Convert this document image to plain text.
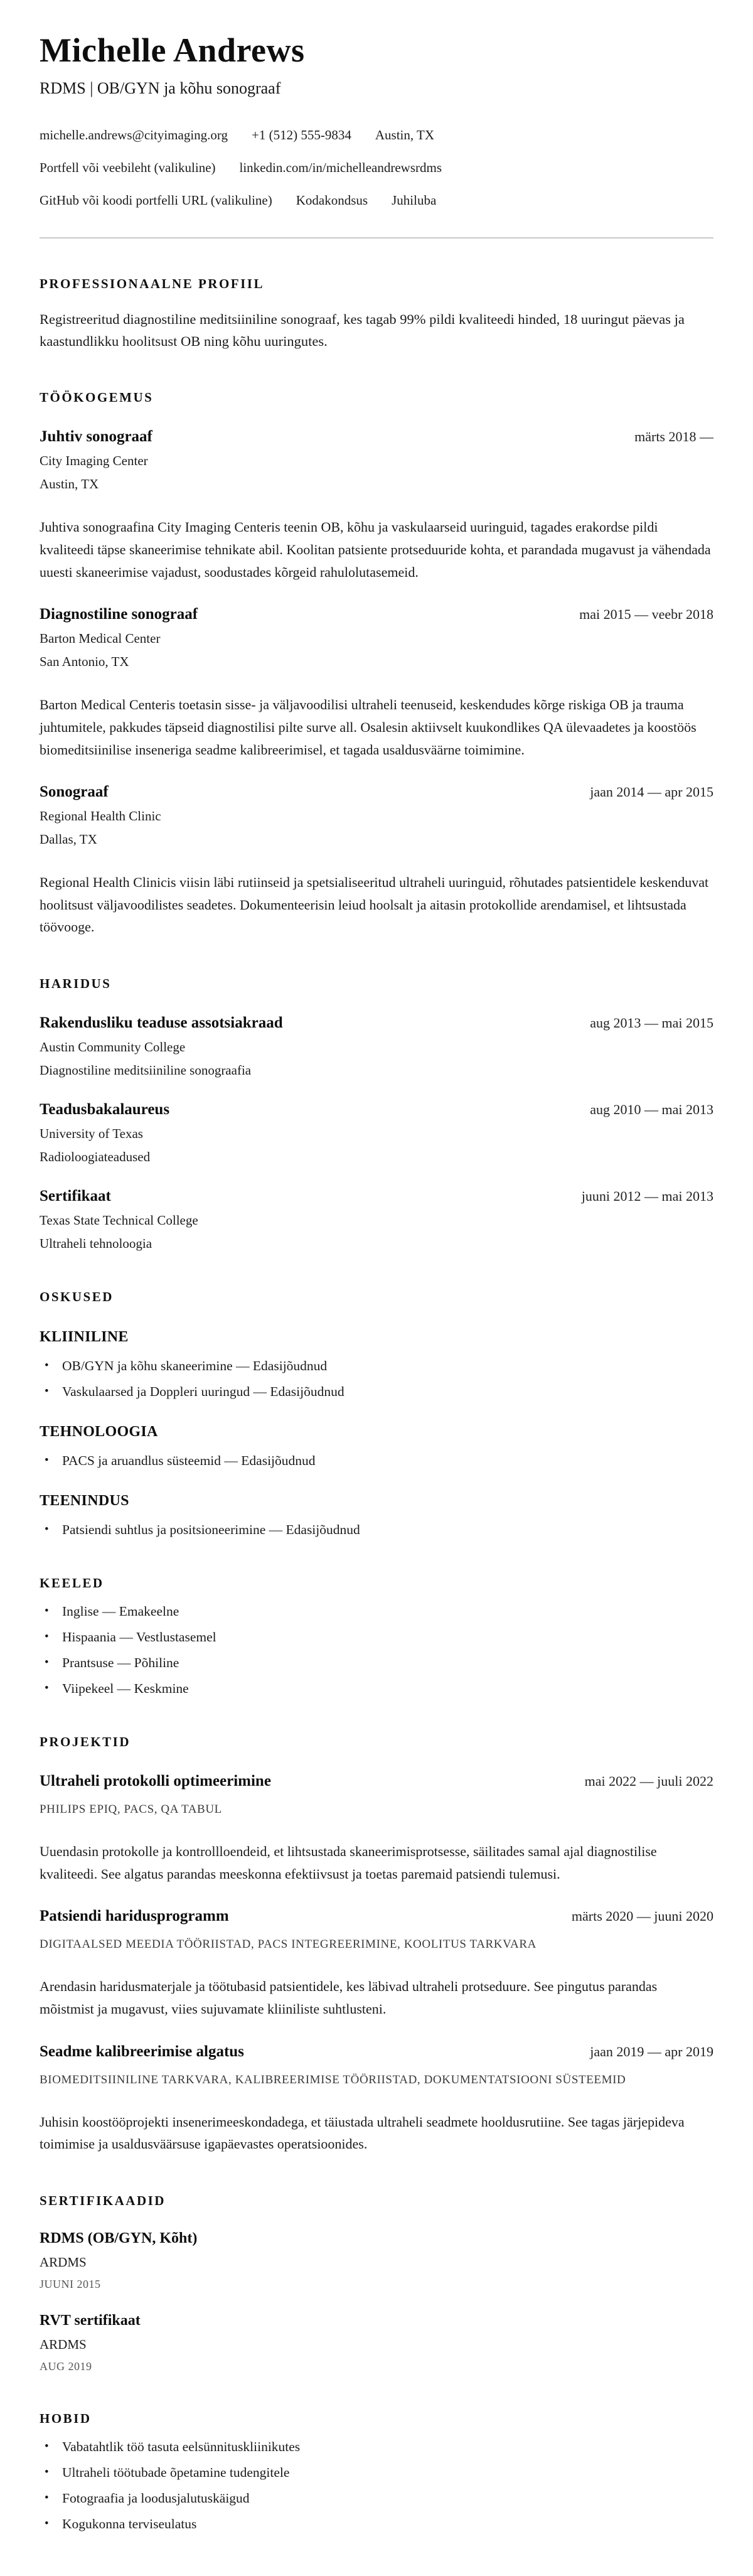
Michelle Andrews
RDMS | OB/GYN ja kõhu sonograaf
michelle.andrews@cityimaging.org +1 (512) 555-9834 Austin, TX
Portfell või veebileht (valikuline) linkedin.com/in/michelleandrewsrdms
GitHub või koodi portfelli URL (valikuline) Kodakondsus Juhiluba
PROFESSIONAALNE PROFIIL

Registreeritud diagnostiline meditsiiniline sonograaf, kes tagab 99% pildi kvaliteedi hinded, 18 uuringut päevas ja kaastundlikku hoolitsust OB ning kõhu uuringutes.

TÖÖKOGEMUS
Juhtiv sonograaf	märts 2018 —
City Imaging Center
Austin, TX

Juhtiva sonograafina City Imaging Centeris teenin OB, kõhu ja vaskulaarseid uuringuid, tagades erakordse pildi kvaliteedi täpse skaneerimise tehnikate abil. Koolitan patsiente protseduuride kohta, et parandada mugavust ja vähendada uuesti skaneerimise vajadust, soodustades kõrgeid rahulolutasemeid.

Diagnostiline sonograaf	mai 2015 — veebr 2018
Barton Medical Center
San Antonio, TX

Barton Medical Centeris toetasin sisse- ja väljavoodilisi ultraheli teenuseid, keskendudes kõrge riskiga OB ja trauma juhtumitele, pakkudes täpseid diagnostilisi pilte surve all. Osalesin aktiivselt kuukondlikes QA ülevaadetes ja koostöös biomeditsiinilise inseneriga seadme kalibreerimisel, et tagada usaldusväärne toimimine.

Sonograaf	jaan 2014 — apr 2015
Regional Health Clinic
Dallas, TX

Regional Health Clinicis viisin läbi rutiinseid ja spetsialiseeritud ultraheli uuringuid, rõhutades patsientidele keskenduvat hoolitsust väljavoodilistes seadetes. Dokumenteerisin leiud hoolsalt ja aitasin protokollide arendamisel, et lihtsustada töövooge.

HARIDUS
Rakendusliku teaduse assotsiakraad	aug 2013 — mai 2015
Austin Community College
Diagnostiline meditsiiniline sonograafia
Teadusbakalaureus	aug 2010 — mai 2013
University of Texas
Radioloogiateadused
Sertifikaat	juuni 2012 — mai 2013
Texas State Technical College
Ultraheli tehnoloogia
OSKUSED
KLIINILINE
• OB/GYN ja kõhu skaneerimine — Edasijõudnud
• Vaskulaarsed ja Doppleri uuringud — Edasijõudnud
TEHNOLOOGIA
• PACS ja aruandlus süsteemid — Edasijõudnud
TEENINDUS
• Patsiendi suhtlus ja positsioneerimine — Edasijõudnud
KEELED
• Inglise — Emakeelne
• Hispaania — Vestlustasemel
• Prantsuse — Põhiline
• Viipekeel — Keskmine
PROJEKTID
Ultraheli protokolli optimeerimine	mai 2022 — juuli 2022
PHILIPS EPIQ, PACS, QA TABUL

Uuendasin protokolle ja kontrollloendeid, et lihtsustada skaneerimisprotsesse, säilitades samal ajal diagnostilise kvaliteedi. See algatus parandas meeskonna efektiivsust ja toetas paremaid patsiendi tulemusi.

Patsiendi haridusprogramm	märts 2020 — juuni 2020
DIGITAALSED MEEDIA TÖÖRIISTAD, PACS INTEGREERIMINE, KOOLITUS TARKVARA

Arendasin haridusmaterjale ja töötubasid patsientidele, kes läbivad ultraheli protseduure. See pingutus parandas mõistmist ja mugavust, viies sujuvamate kliiniliste suhtlusteni.

Seadme kalibreerimise algatus	jaan 2019 — apr 2019
BIOMEDITSIINILINE TARKVARA, KALIBREERIMISE TÖÖRIISTAD, DOKUMENTATSIOONI SÜSTEEMID

Juhisin koostööprojekti insenerimeeskondadega, et täiustada ultraheli seadmete hooldusrutiine. See tagas järjepideva toimimise ja usaldusväärsuse igapäevastes operatsioonides.

SERTIFIKAADID
RDMS (OB/GYN, Kõht)
ARDMS
JUUNI 2015
RVT sertifikaat
ARDMS
AUG 2019
HOBID
• Vabatahtlik töö tasuta eelsünnituskliinikutes
• Ultraheli töötubade õpetamine tudengitele
• Fotograafia ja loodusjalutuskäigud
• Kogukonna terviseulatus
